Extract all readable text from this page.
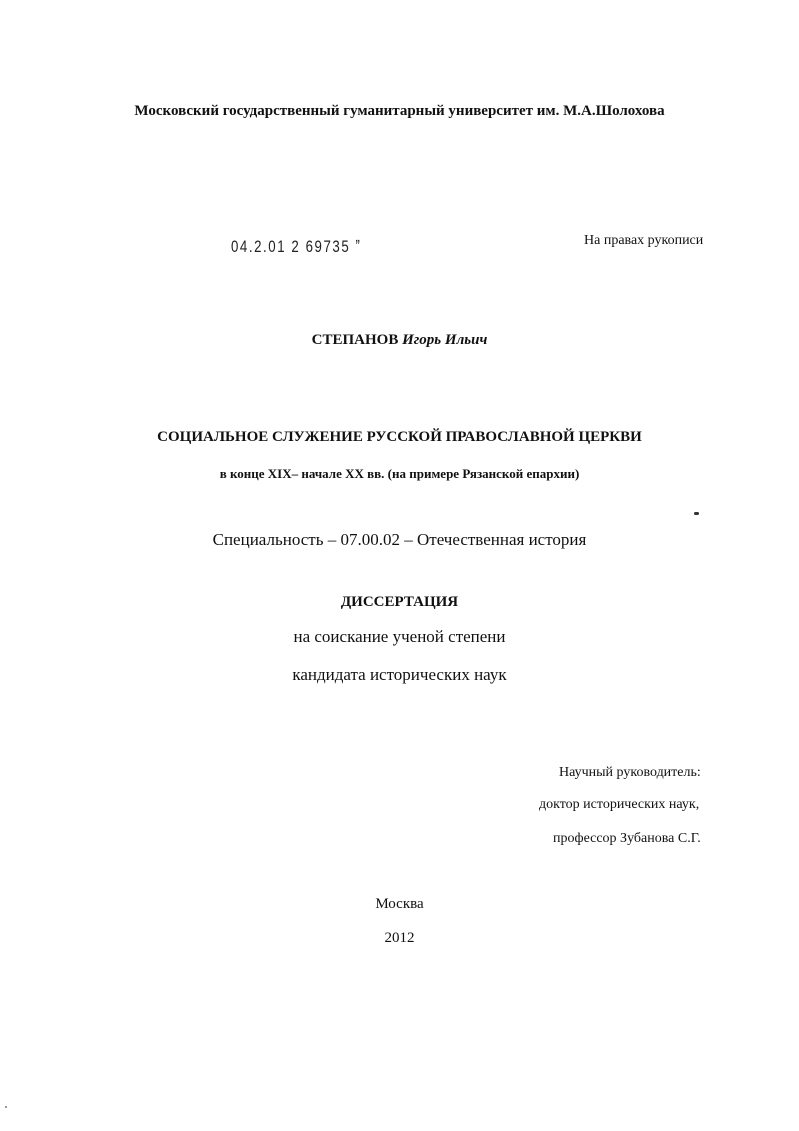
Московский государственный гуманитарный университет им. М.А.Шолохова
04.2.01 2 69735 ˮ	На правах рукописи
СТЕПАНОВ Игорь Ильич
СОЦИАЛЬНОЕ СЛУЖЕНИЕ РУССКОЙ ПРАВОСЛАВНОЙ ЦЕРКВИ
в конце XIX– начале XX вв. (на примере Рязанской епархии)
Специальность – 07.00.02 – Отечественная история
ДИССЕРТАЦИЯ
на соискание ученой степени
кандидата исторических наук
Научный руководитель:
доктор исторических наук,
профессор Зубанова С.Г.
Москва
2012
